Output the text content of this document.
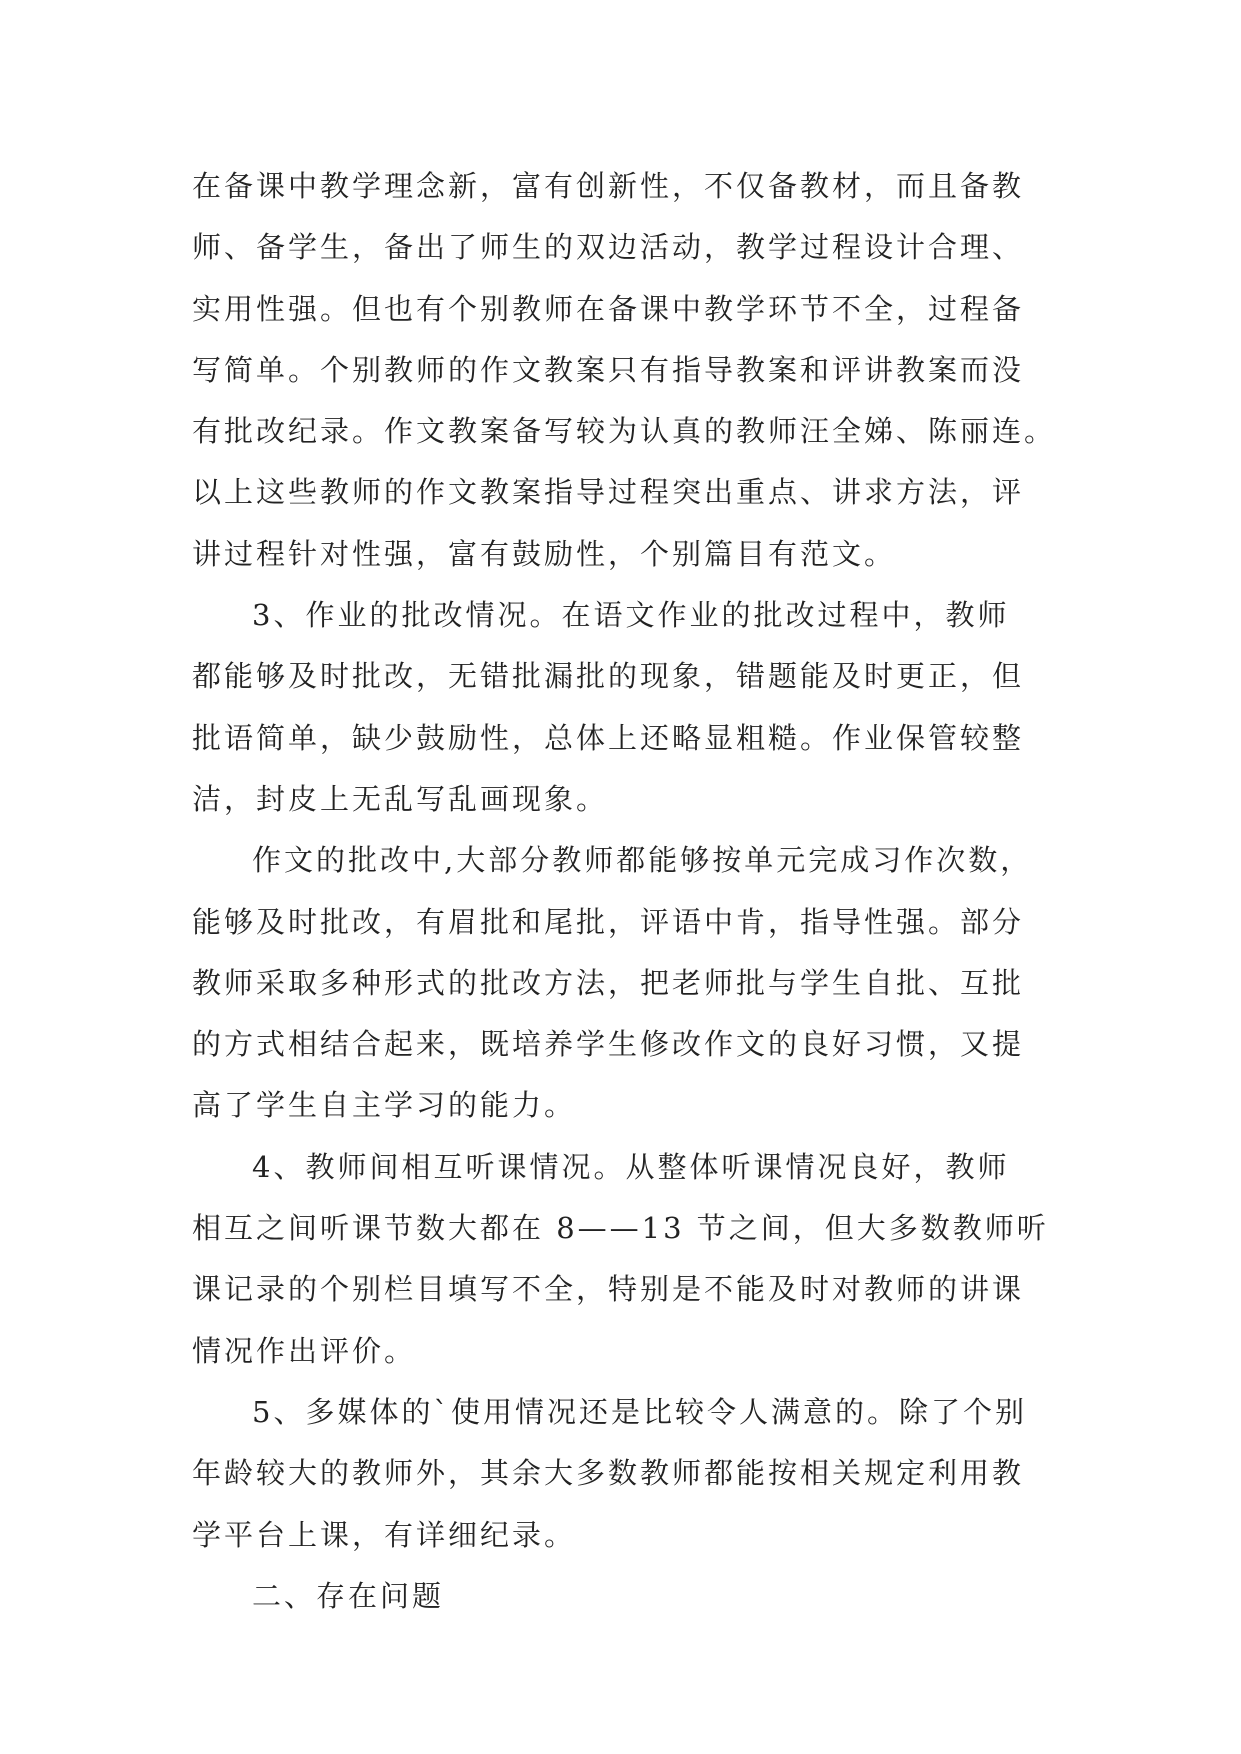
在备课中教学理念新，富有创新性，不仅备教材，而且备教
师、备学生，备出了师生的双边活动，教学过程设计合理、
实用性强。但也有个别教师在备课中教学环节不全，过程备
写简单。个别教师的作文教案只有指导教案和评讲教案而没
有批改纪录。作文教案备写较为认真的教师汪全娣、陈丽连。
以上这些教师的作文教案指导过程突出重点、讲求方法，评
讲过程针对性强，富有鼓励性，个别篇目有范文。
3、作业的批改情况。在语文作业的批改过程中，教师
都能够及时批改，无错批漏批的现象，错题能及时更正，但
批语简单，缺少鼓励性，总体上还略显粗糙。作业保管较整
洁，封皮上无乱写乱画现象。
作文的批改中,大部分教师都能够按单元完成习作次数，
能够及时批改，有眉批和尾批，评语中肯，指导性强。部分
教师采取多种形式的批改方法，把老师批与学生自批、互批
的方式相结合起来，既培养学生修改作文的良好习惯，又提
高了学生自主学习的能力。
4、教师间相互听课情况。从整体听课情况良好，教师
相互之间听课节数大都在 8——13 节之间，但大多数教师听
课记录的个别栏目填写不全，特别是不能及时对教师的讲课
情况作出评价。
5、多媒体的`使用情况还是比较令人满意的。除了个别
年龄较大的教师外，其余大多数教师都能按相关规定利用教
学平台上课，有详细纪录。
二、存在问题
